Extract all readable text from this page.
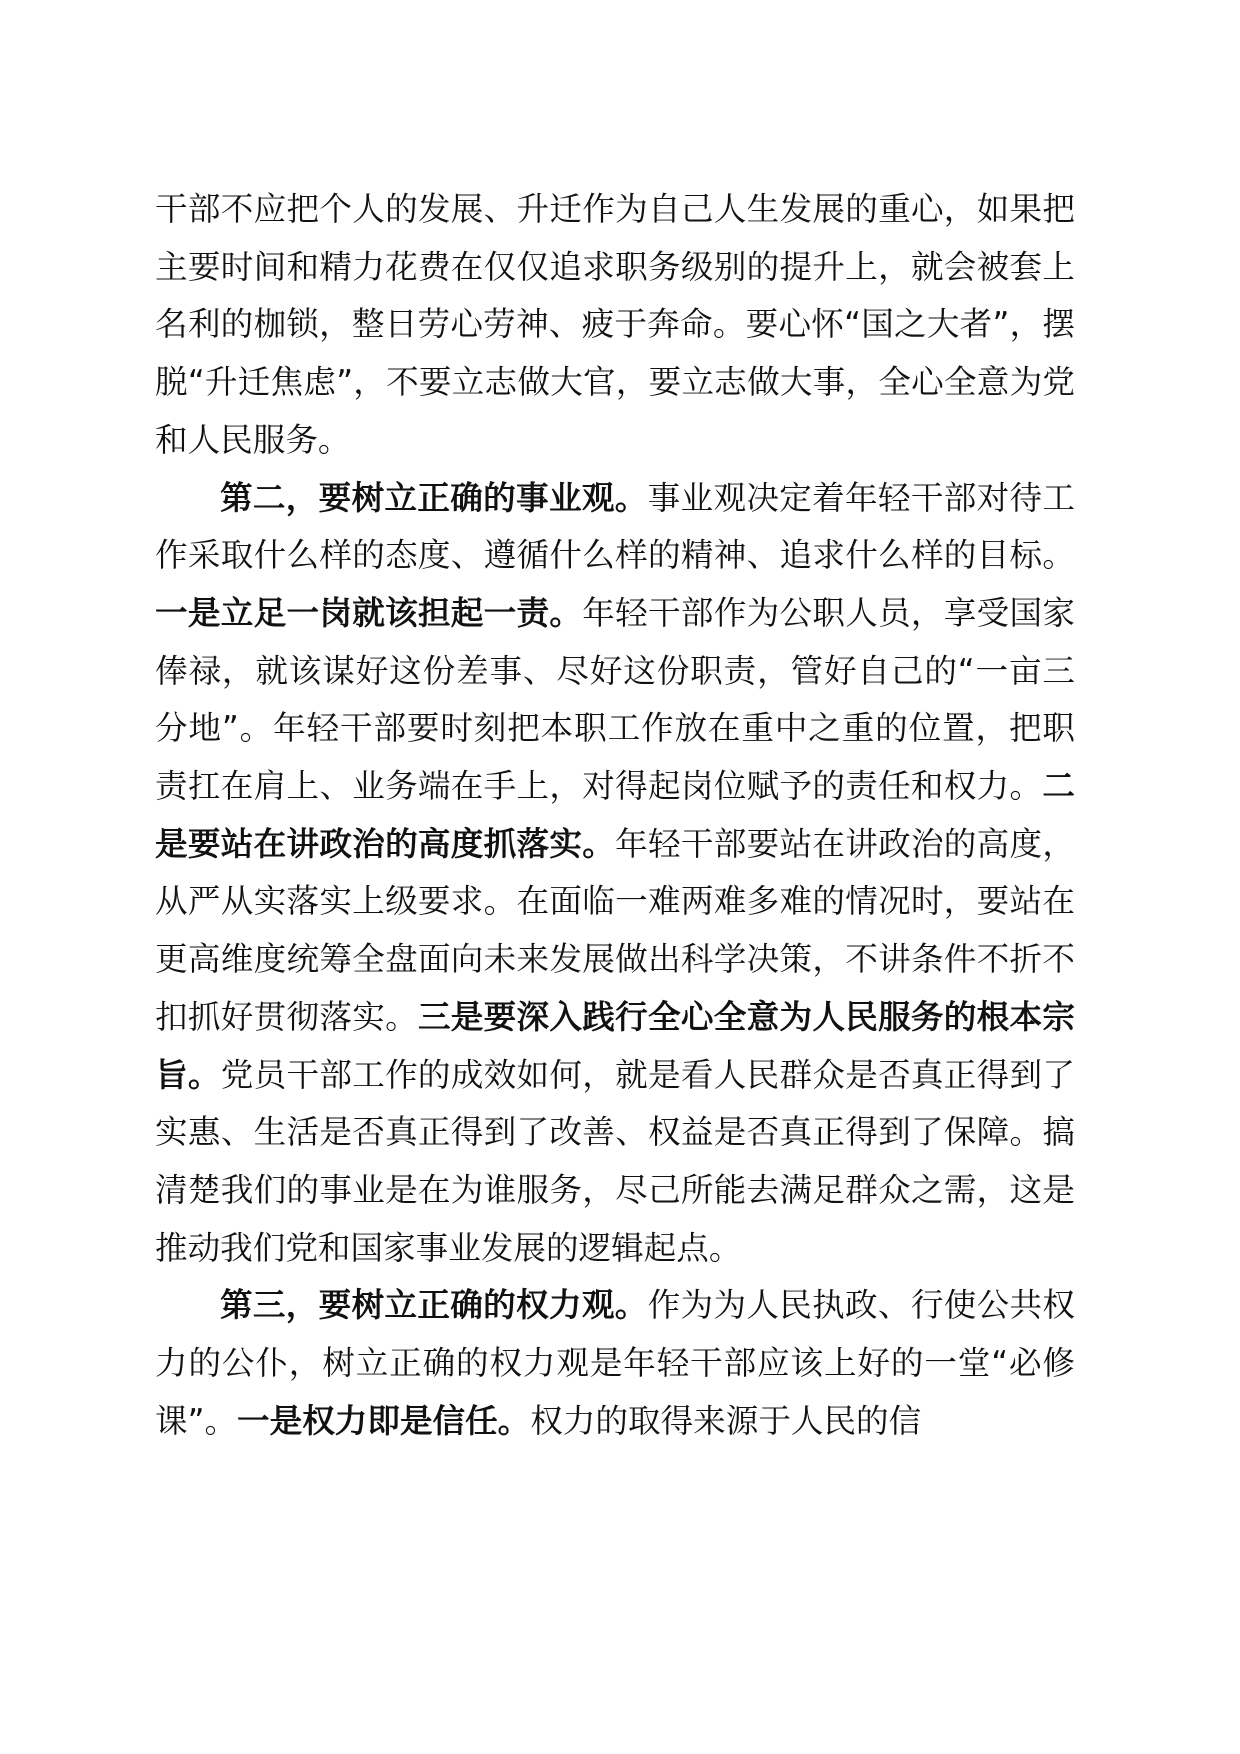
干部不应把个人的发展、升迁作为自己人生发展的重心，如果把主要时间和精力花费在仅仅追求职务级别的提升上，就会被套上名利的枷锁，整日劳心劳神、疲于奔命。要心怀“国之大者”，摆脱“升迁焦虑”，不要立志做大官，要立志做大事，全心全意为党和人民服务。

第二，要树立正确的事业观。事业观决定着年轻干部对待工作采取什么样的态度、遵循什么样的精神、追求什么样的目标。一是立足一岗就该担起一责。年轻干部作为公职人员，享受国家俸禄，就该谋好这份差事、尽好这份职责，管好自己的“一亩三分地”。年轻干部要时刻把本职工作放在重中之重的位置，把职责扛在肩上、业务端在手上，对得起岗位赋予的责任和权力。二是要站在讲政治的高度抓落实。年轻干部要站在讲政治的高度，从严从实落实上级要求。在面临一难两难多难的情况时，要站在更高维度统筹全盘面向未来发展做出科学决策，不讲条件不折不扣抓好贯彻落实。三是要深入践行全心全意为人民服务的根本宗旨。党员干部工作的成效如何，就是看人民群众是否真正得到了实惠、生活是否真正得到了改善、权益是否真正得到了保障。搞清楚我们的事业是在为谁服务，尽己所能去满足群众之需，这是推动我们党和国家事业发展的逻辑起点。

第三，要树立正确的权力观。作为为人民执政、行使公共权力的公仆，树立正确的权力观是年轻干部应该上好的一堂“必修课”。一是权力即是信任。权力的取得来源于人民的信
